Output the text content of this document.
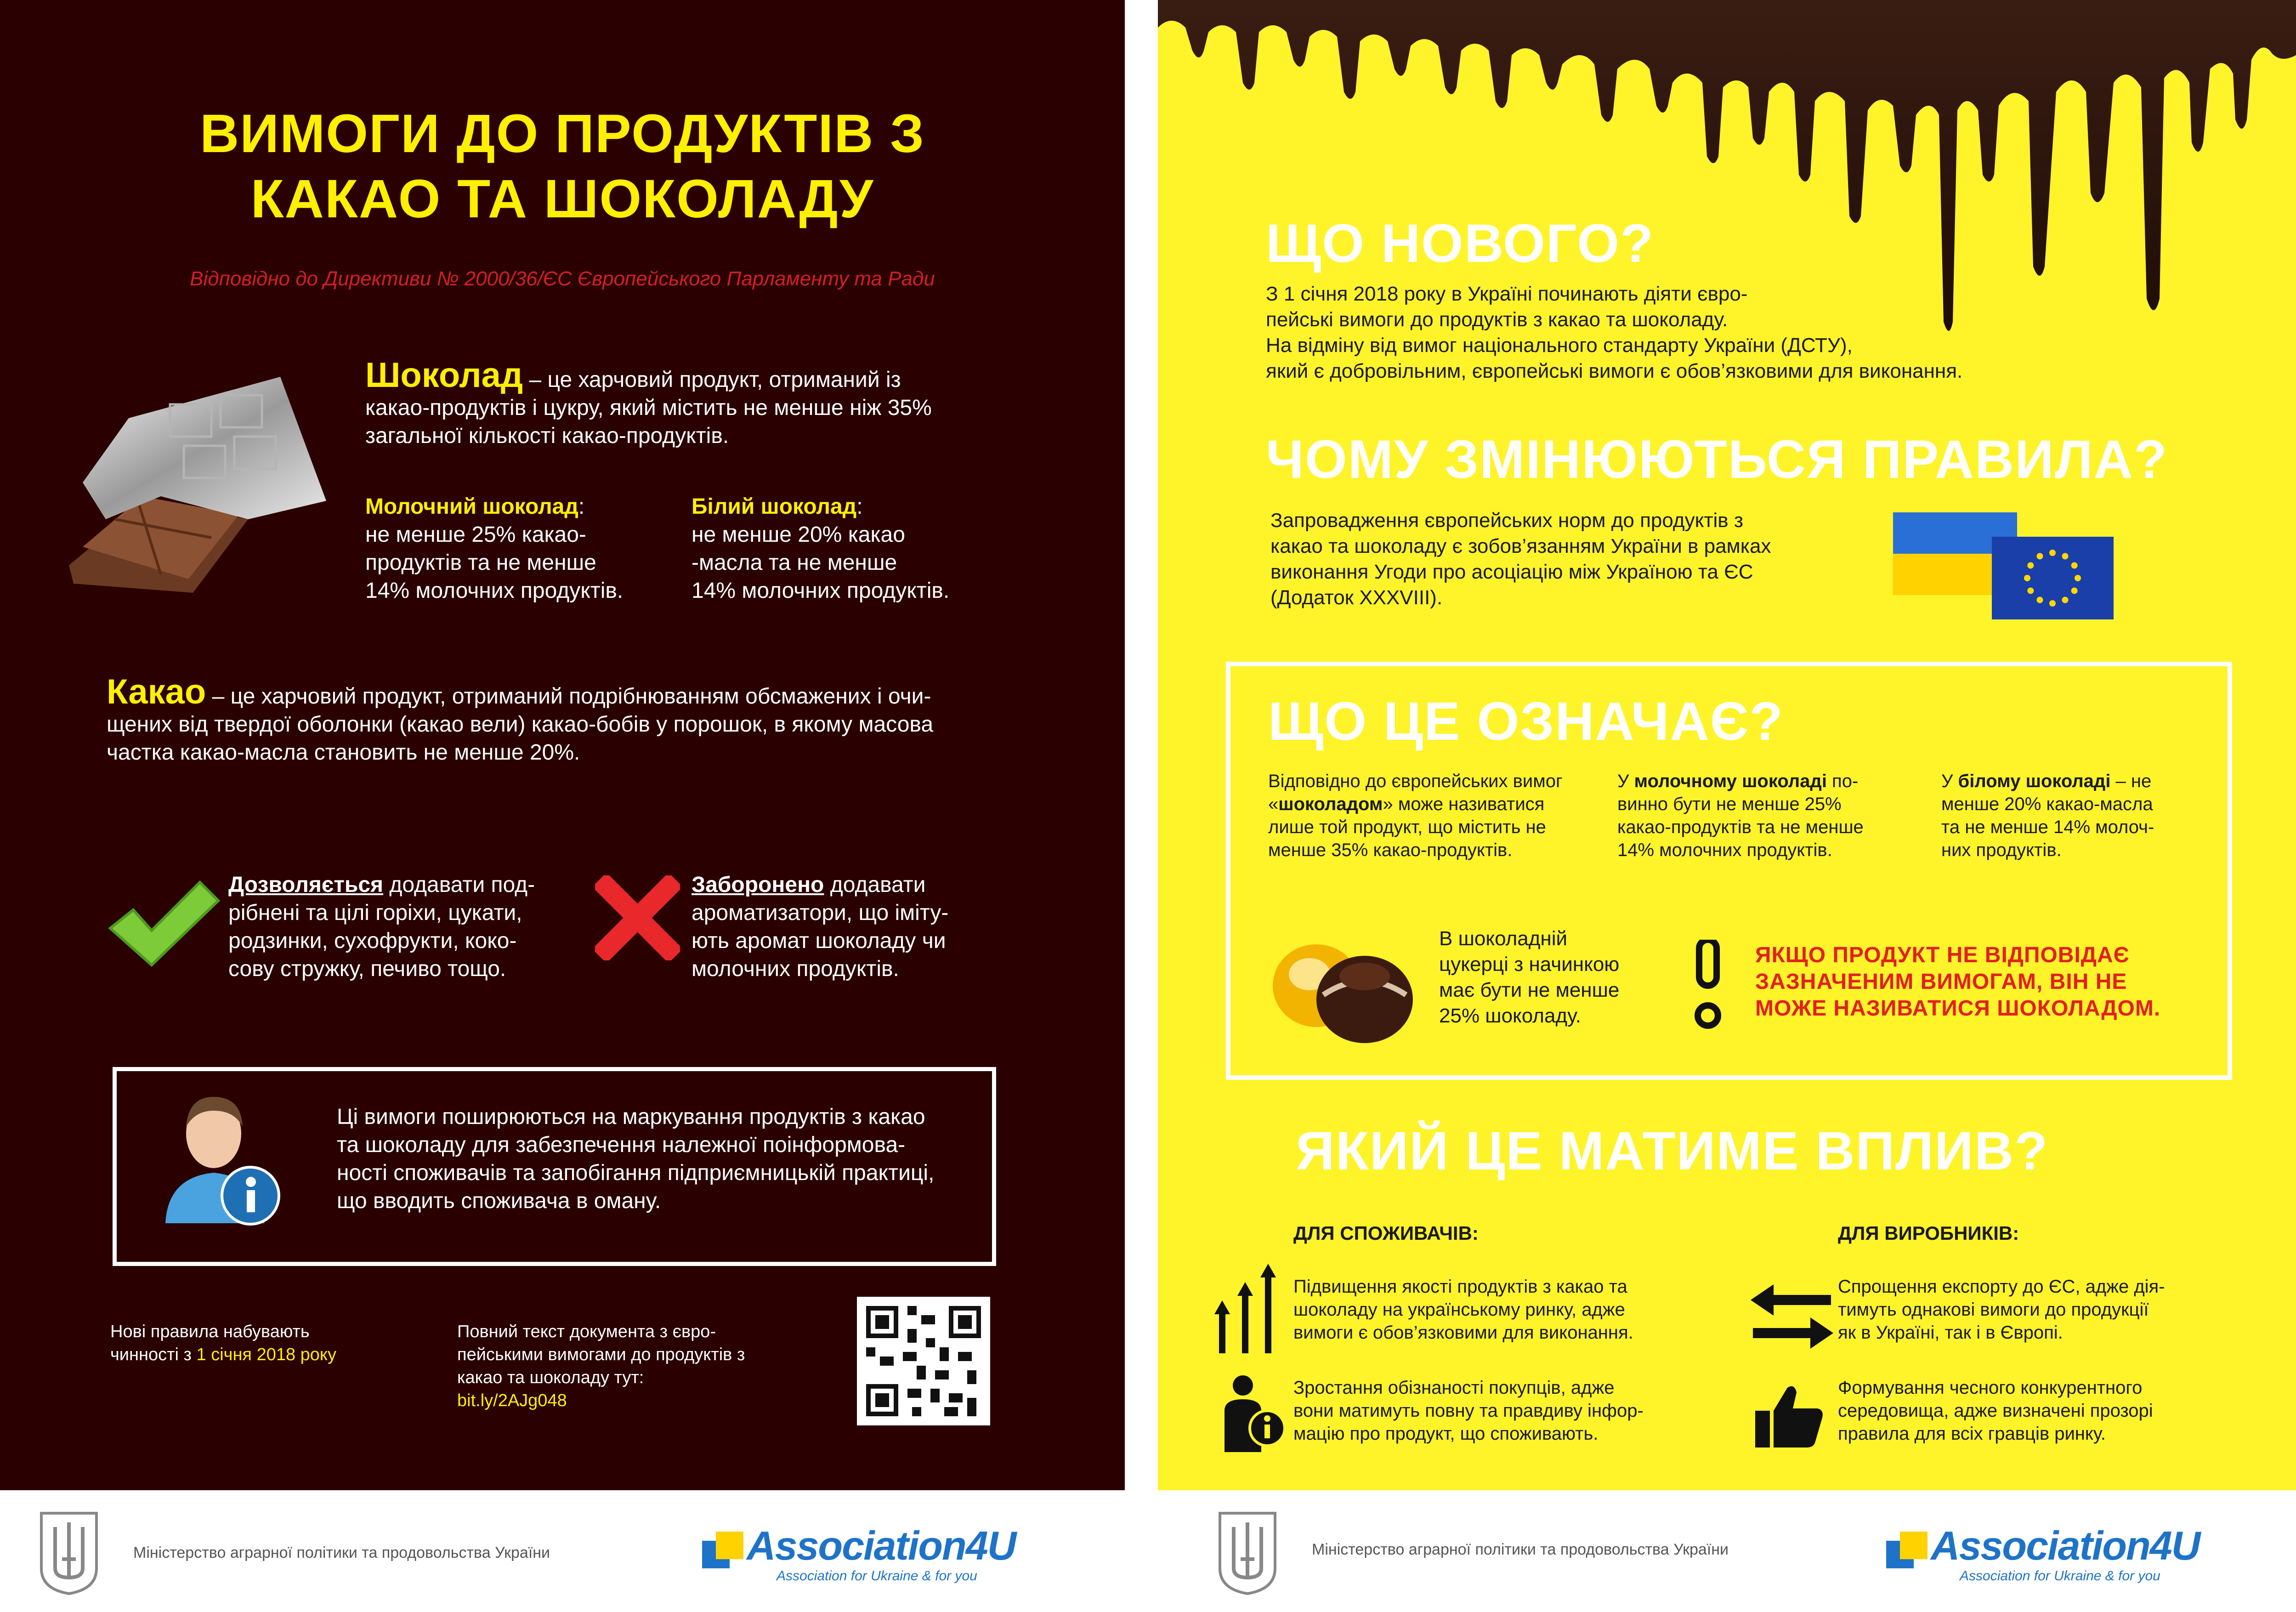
ВИМОГИ ДО ПРОДУКТІВ З
КАКАО ТА ШОКОЛАДУ
Відповідно до Директиви № 2000/36/ЄС Європейського Парламенту та Ради
Шоколад – це харчовий продукт, отриманий із
какао-продуктів і цукру, який містить не менше ніж 35%
загальної кількості какао-продуктів.
Молочний шоколад:
не менше 25% какао-
продуктів та не менше
14% молочних продуктів.
Білий шоколад:
не менше 20% какао
-масла та не менше
14% молочних продуктів.
Какао – це харчовий продукт, отриманий подрібнюванням обсмажених і очи-
щених від твердої оболонки (какао вели) какао-бобів у порошок, в якому масова
частка какао-масла становить не менше 20%.
Дозволяється додавати под-
рібнені та цілі горіхи, цукати,
родзинки, сухофрукти, коко-
сову стружку, печиво тощо.
Заборонено додавати
ароматизатори, що іміту-
ють аромат шоколаду чи
молочних продуктів.
Ці вимоги поширюються на маркування продуктів з какао
та шоколаду для забезпечення належної поінформова-
ності споживачів та запобігання підприємницькій практиці,
що вводить споживача в оману.
Нові правила набувають
чинності з 1 січня 2018 року
Повний текст документа з євро-
пейськими вимогами до продуктів з
какао та шоколаду тут:
bit.ly/2AJg048
ЩО НОВОГО?
З 1 січня 2018 року в Україні починають діяти євро-
пейські вимоги до продуктів з какао та шоколаду.
На відміну від вимог національного стандарту України (ДСТУ),
який є добровільним, європейські вимоги є обов’язковими для виконання.
ЧОМУ ЗМІНЮЮТЬСЯ ПРАВИЛА?
Запровадження європейських норм до продуктів з
какао та шоколаду є зобов’язанням України в рамках
виконання Угоди про асоціацію між Україною та ЄС
(Додаток XXXVIII).
ЩО ЦЕ ОЗНАЧАЄ?
Відповідно до європейських вимог
«шоколадом» може називатися
лише той продукт, що містить не
менше 35% какао-продуктів.
У молочному шоколаді по-
винно бути не менше 25%
какао-продуктів та не менше
14% молочних продуктів.
У білому шоколаді – не
менше 20% какао-масла
та не менше 14% молоч-
них продуктів.
В шоколадній
цукерці з начинкою
має бути не менше
25% шоколаду.
ЯКЩО ПРОДУКТ НЕ ВІДПОВІДАЄ
ЗАЗНАЧЕНИМ ВИМОГАМ, ВІН НЕ
МОЖЕ НАЗИВАТИСЯ ШОКОЛАДОМ.
ЯКИЙ ЦЕ МАТИМЕ ВПЛИВ?
ДЛЯ СПОЖИВАЧІВ:	ДЛЯ ВИРОБНИКІВ:
Підвищення якості продуктів з какао та
шоколаду на українському ринку, адже
вимоги є обов’язковими для виконання.
Зростання обізнаності покупців, адже
вони матимуть повну та правдиву інфор-
мацію про продукт, що споживають.
Спрощення експорту до ЄС, адже дія-
тимуть однакові вимоги до продукції
як в Україні, так і в Європі.
Формування чесного конкурентного
середовища, адже визначені прозорі
правила для всіх гравців ринку.
Міністерство аграрної політики та продовольства України	Association4U
Association for Ukraine & for you
Міністерство аграрної політики та продовольства України	Association4U
Association for Ukraine & for you
